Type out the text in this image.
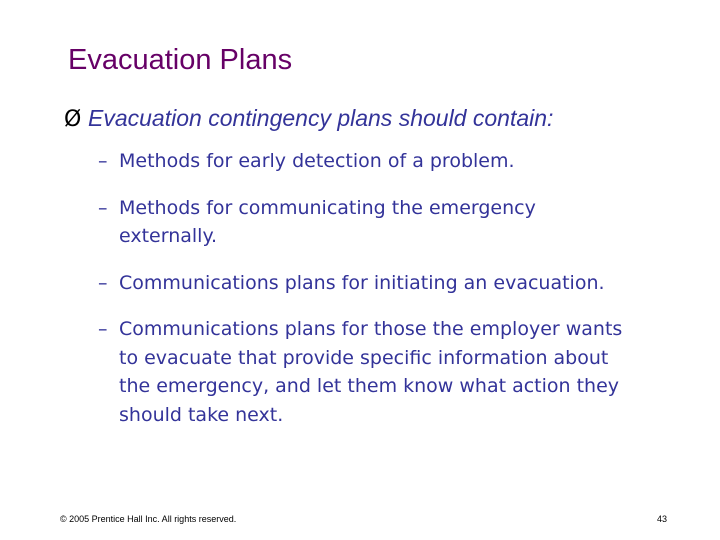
Evacuation Plans
Ø Evacuation contingency plans should contain:
– Methods for early detection of a problem.
– Methods for communicating the emergency externally.
– Communications plans for initiating an evacuation.
– Communications plans for those the employer wants to evacuate that provide specific information about the emergency, and let them know what action they should take next.
© 2005 Prentice Hall Inc. All rights reserved.	43
